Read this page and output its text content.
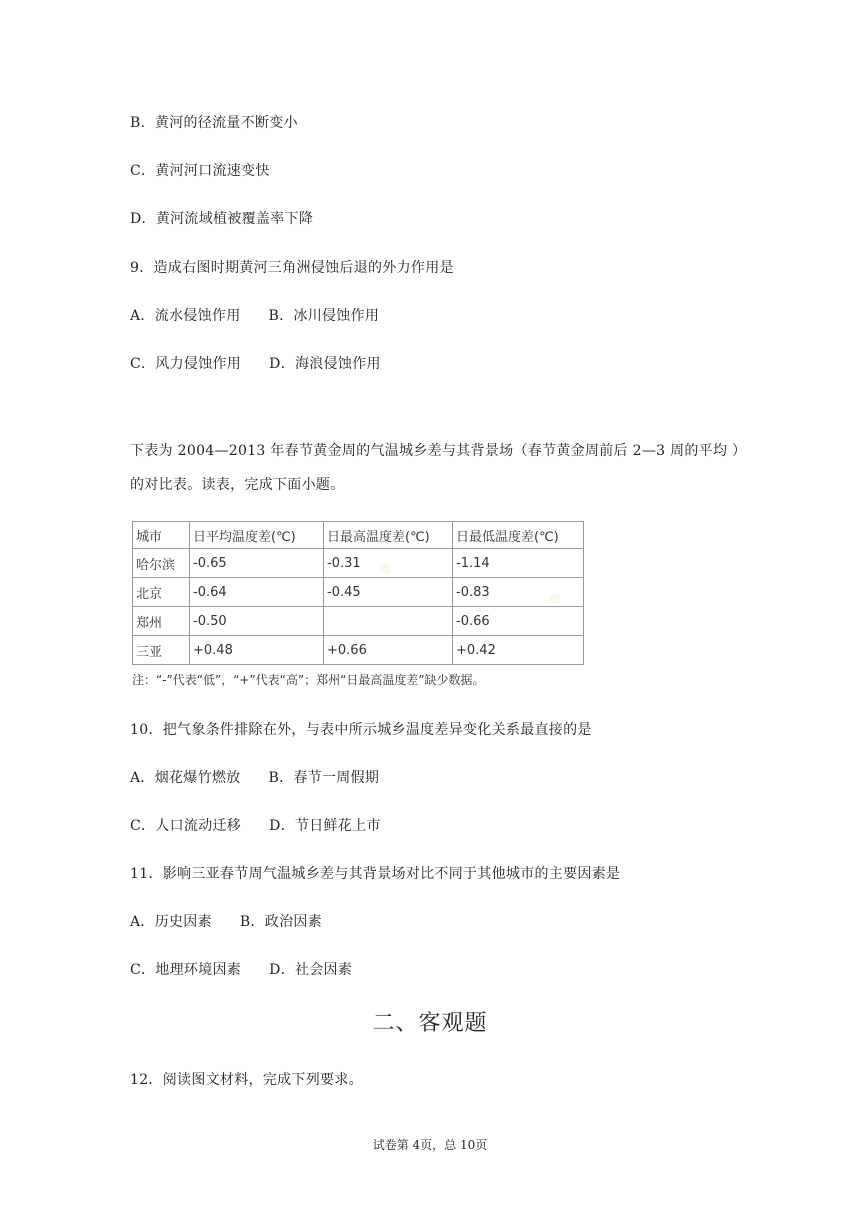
B．黄河的径流量不断变小
C．黄河河口流速变快
D．黄河流域植被覆盖率下降
9．造成右图时期黄河三角洲侵蚀后退的外力作用是
A．流水侵蚀作用 B．冰川侵蚀作用
C．风力侵蚀作用 D．海浪侵蚀作用
下表为 2004—2013 年春节黄金周的气温城乡差与其背景场（春节黄金周前后 2—3 周的平均 ）的对比表。读表，完成下面小题。
城市	日平均温度差(℃)	日最高温度差(℃)	日最低温度差(℃)
哈尔滨	-0.65	-0.31	-1.14
北京	-0.64	-0.45	-0.83
郑州	-0.50		-0.66
三亚	+0.48	+0.66	+0.42
注：“-”代表“低”，“+”代表“高”；郑州“日最高温度差”缺少数据。
◎
◎
10．把气象条件排除在外，与表中所示城乡温度差异变化关系最直接的是
A．烟花爆竹燃放 B．春节一周假期
C．人口流动迁移 D．节日鲜花上市
11．影响三亚春节周气温城乡差与其背景场对比不同于其他城市的主要因素是
A．历史因素 B．政治因素
C．地理环境因素 D．社会因素
二、客观题
12．阅读图文材料，完成下列要求。
试卷第 4页，总 10页
